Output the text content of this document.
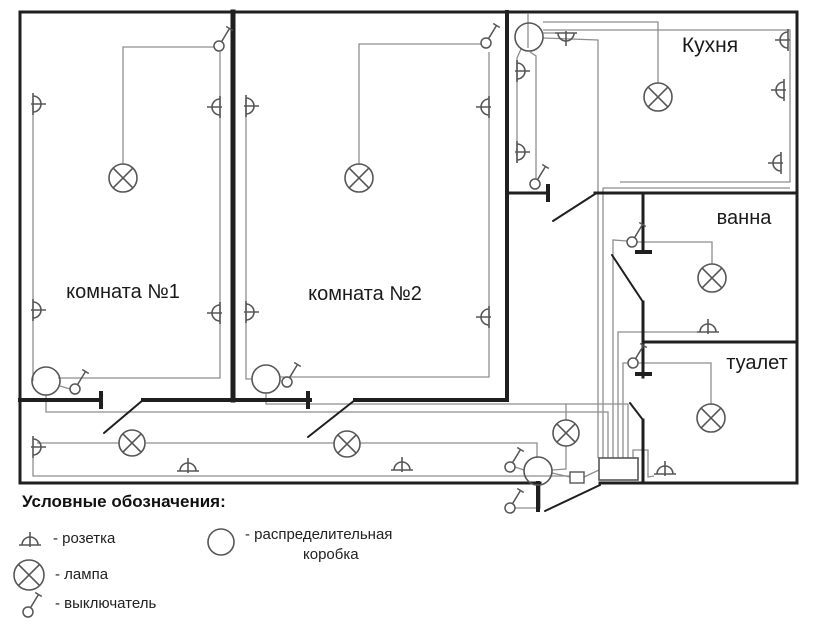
комната №1	комната №2
Кухня
ванна
туалет
Условные обозначения:
- розетка
- лампа
- выключатель
- распределительная
коробка
